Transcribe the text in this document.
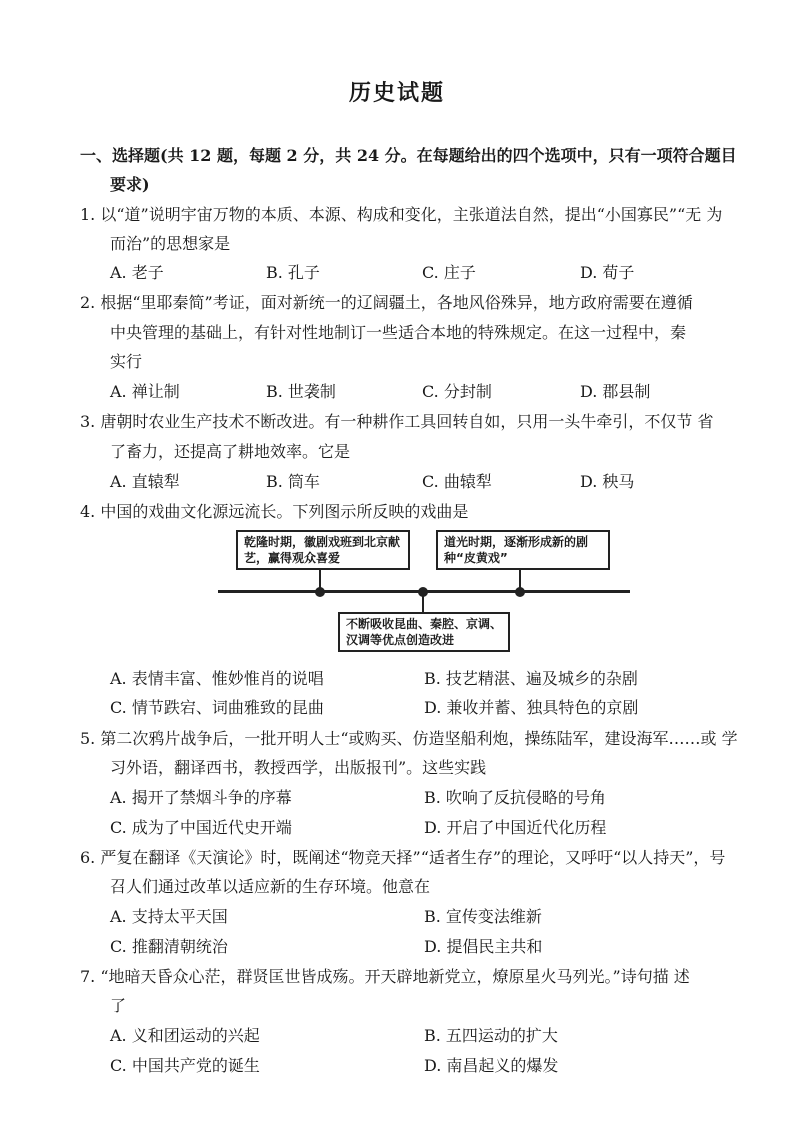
历史试题
一、选择题(共 12 题，每题 2 分，共 24 分。在每题给出的四个选项中，只有一项符合题目
要求)
1. 以“道”说明宇宙万物的本质、本源、构成和变化，主张道法自然，提出“小国寡民”“无 为
而治”的思想家是
A. 老子	B. 孔子	C. 庄子	D. 荀子
2. 根据“里耶秦简”考证，面对新统一的辽阔疆土，各地风俗殊异，地方政府需要在遵循
中央管理的基础上，有针对性地制订一些适合本地的特殊规定。在这一过程中，秦
实行
A. 禅让制	B. 世袭制	C. 分封制	D. 郡县制
3. 唐朝时农业生产技术不断改进。有一种耕作工具回转自如，只用一头牛牵引，不仅节 省
了畜力，还提高了耕地效率。它是
A. 直辕犁	B. 筒车	C. 曲辕犁	D. 秧马
4. 中国的戏曲文化源远流长。下列图示所反映的戏曲是
乾隆时期，徽剧戏班到北京献艺，赢得观众喜爱
道光时期，逐渐形成新的剧种“皮黄戏”
不断吸收昆曲、秦腔、京调、汉调等优点创造改进
A. 表情丰富、惟妙惟肖的说唱	B. 技艺精湛、遍及城乡的杂剧
C. 情节跌宕、词曲雅致的昆曲	D. 兼收并蓄、独具特色的京剧
5. 第二次鸦片战争后，一批开明人士“或购买、仿造坚船利炮，操练陆军，建设海军……或 学
习外语，翻译西书，教授西学，出版报刊”。这些实践
A. 揭开了禁烟斗争的序幕	B. 吹响了反抗侵略的号角
C. 成为了中国近代史开端	D. 开启了中国近代化历程
6. 严复在翻译《天演论》时，既阐述“物竞天择”“适者生存”的理论，又呼吁“以人持天”，号
召人们通过改革以适应新的生存环境。他意在
A. 支持太平天国	B. 宣传变法维新
C. 推翻清朝统治	D. 提倡民主共和
7. “地暗天昏众心茫，群贤匡世皆成殇。开天辟地新党立，燎原星火马列光。”诗句描 述
了
A. 义和团运动的兴起	B. 五四运动的扩大
C. 中国共产党的诞生	D. 南昌起义的爆发
